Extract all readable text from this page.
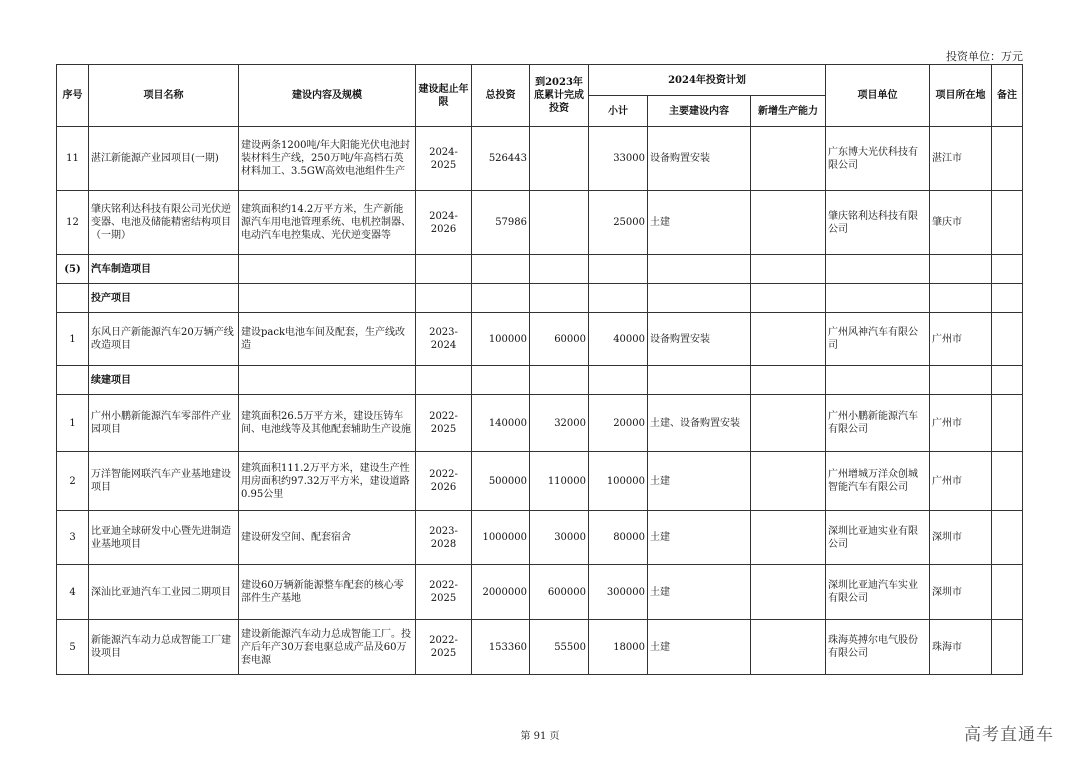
投资单位：万元
序号	项目名称	建设内容及规模	建设起止年限	总投资	到2023年底累计完成投资	2024年投资计划			项目单位	项目所在地	备注
						小计	主要建设内容	新增生产能力			
11	湛江新能源产业园项目(一期)	建设两条1200吨/年大阳能光伏电池封装材料生产线，250万吨/年高档石英材料加工、3.5GW高效电池组件生产	2024-2025	526443		33000	设备购置安装		广东博大光伏科技有限公司	湛江市	
12	肇庆铭利达科技有限公司光伏逆变器、电池及储能精密结构项目（一期）	建筑面积约14.2万平方米，生产新能源汽车用电池管理系统、电机控制器、电动汽车电控集成、光伏逆变器等	2024-2026	57986		25000	土建		肇庆铭利达科技有限公司	肇庆市	
(5)	汽车制造项目										
	投产项目										
1	东风日产新能源汽车20万辆产线改造项目	建设pack电池车间及配套，生产线改造	2023-2024	100000	60000	40000	设备购置安装		广州风神汽车有限公司	广州市	
	续建项目										
1	广州小鹏新能源汽车零部件产业园项目	建筑面积26.5万平方米，建设压铸车间、电池线等及其他配套辅助生产设施	2022-2025	140000	32000	20000	土建、设备购置安装		广州小鹏新能源汽车有限公司	广州市	
2	万洋智能网联汽车产业基地建设项目	建筑面积111.2万平方米，建设生产性用房面积约97.32万平方米，建设道路0.95公里	2022-2026	500000	110000	100000	土建		广州增城万洋众创城智能汽车有限公司	广州市	
3	比亚迪全球研发中心暨先进制造业基地项目	建设研发空间、配套宿舍	2023-2028	1000000	30000	80000	土建		深圳比亚迪实业有限公司	深圳市	
4	深汕比亚迪汽车工业园二期项目	建设60万辆新能源整车配套的核心零部件生产基地	2022-2025	2000000	600000	300000	土建		深圳比亚迪汽车实业有限公司	深圳市	
5	新能源汽车动力总成智能工厂建设项目	建设新能源汽车动力总成智能工厂。投产后年产30万套电驱总成产品及60万套电源	2022-2025	153360	55500	18000	土建		珠海英搏尔电气股份有限公司	珠海市	
第 91 页	高考直通车
